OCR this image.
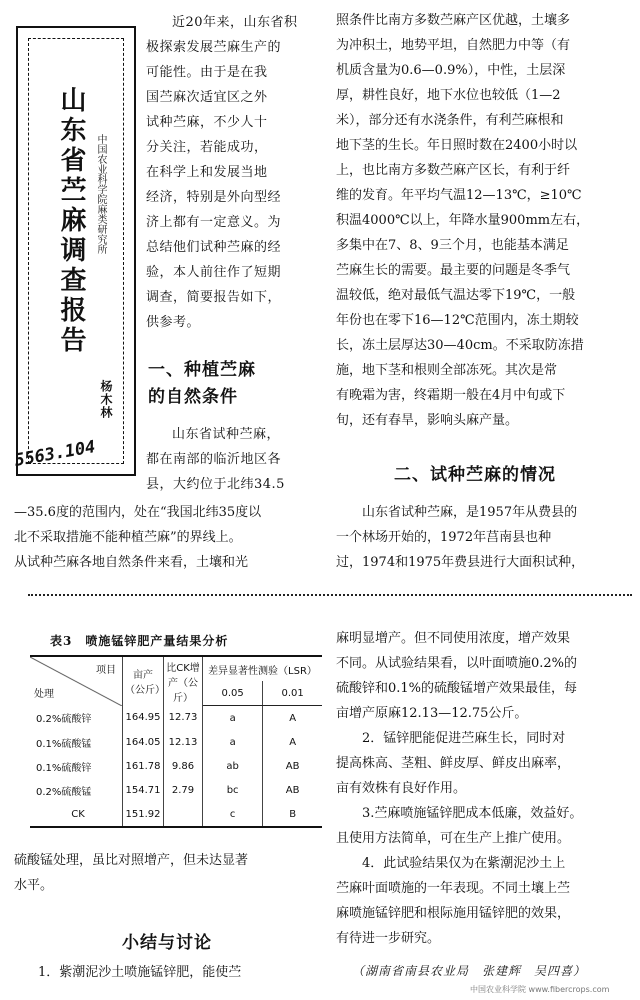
山东省苎麻调查报告 中国农业科学院麻类研究所
杨木林
5563.104
近20年来，山东省积
极探索发展苎麻生产的
可能性。由于是在我
国苎麻次适宜区之外
试种苎麻，不少人十
分关注，若能成功，
在科学上和发展当地
经济，特别是外向型经
济上都有一定意义。为
总结他们试种苎麻的经
验，本人前往作了短期
调查，简要报告如下，
供参考。
一、种植苎麻
的自然条件
山东省试种苎麻，
都在南部的临沂地区各
县，大约位于北纬34.5
—35.6度的范围内，处在“我国北纬35度以
北不采取措施不能种植苎麻”的界线上。
从试种苎麻各地自然条件来看，土壤和光
照条件比南方多数苎麻产区优越，土壤多
为冲积土，地势平坦，自然肥力中等（有
机质含量为0.6—0.9%），中性，土层深
厚，耕性良好，地下水位也较低（1—2
米），部分还有水浇条件，有利苎麻根和
地下茎的生长。年日照时数在2400小时以
上，也比南方多数苎麻产区长，有利于纤
维的发育。年平均气温12—13℃，≥10℃
积温4000℃以上，年降水量900mm左右，
多集中在7、8、9三个月，也能基本满足
苎麻生长的需要。最主要的问题是冬季气
温较低，绝对最低气温达零下19℃，一般
年份也在零下16—12℃范围内，冻土期较
长，冻土层厚达30—40cm。不采取防冻措
施，地下茎和根则全部冻死。其次是常
有晚霜为害，终霜期一般在4月中旬或下
旬，还有春旱，影响头麻产量。
二、试种苎麻的情况
山东省试种苎麻，是1957年从费县的
一个林场开始的，1972年莒南县也种
过，1974和1975年费县进行大面积试种，
表3　喷施锰锌肥产量结果分析
项目
处理	亩产（公斤）	比CK增产（公斤）	差异显著性测验（LSR）	
			0.05	0.01
0.2%硫酸锌	164.95	12.73	a	A
0.1%硫酸锰	164.05	12.13	a	A
0.1%硫酸锌	161.78	9.86	ab	AB
0.2%硫酸锰	154.71	2.79	bc	AB
CK	151.92		c	B
硫酸锰处理，虽比对照增产，但未达显著
水平。
小结与讨论
1．紫潮泥沙土喷施锰锌肥，能使苎
麻明显增产。但不同使用浓度，增产效果
不同。从试验结果看，以叶面喷施0.2%的
硫酸锌和0.1%的硫酸锰增产效果最佳，每
亩增产原麻12.13—12.75公斤。
2．锰锌肥能促进苎麻生长，同时对
提高株高、茎粗、鲜皮厚、鲜皮出麻率，
亩有效株有良好作用。
3.苎麻喷施锰锌肥成本低廉，效益好。
且使用方法简单，可在生产上推广使用。
4．此试验结果仅为在紫潮泥沙土上
苎麻叶面喷施的一年表现。不同土壤上苎
麻喷施锰锌肥和根际施用锰锌肥的效果，
有待进一步研究。
（湖南省南县农业局　张建辉　吴四喜）
中国农业科学院 www.fibercrops.com
